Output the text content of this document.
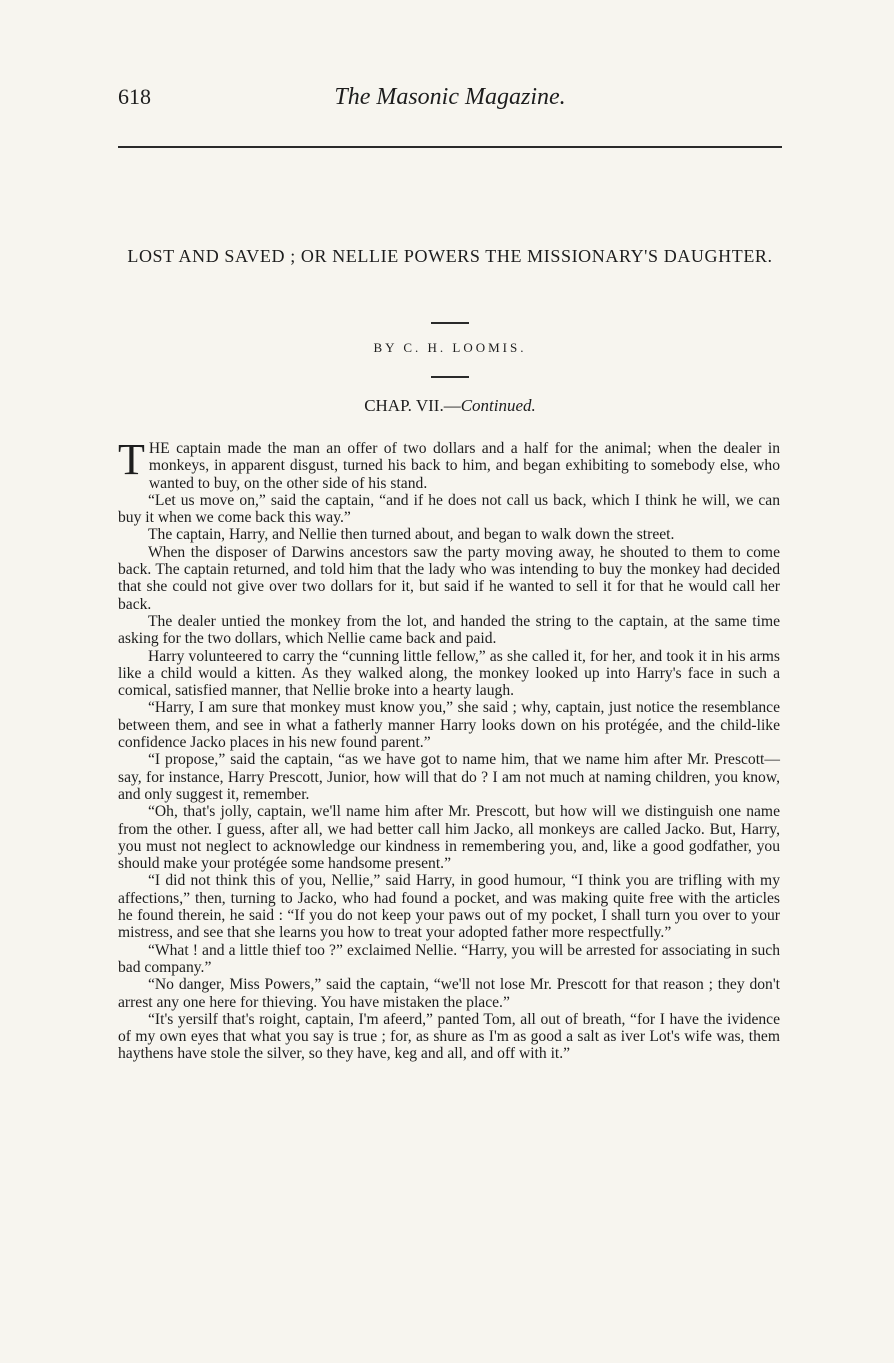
618	The Masonic Magazine.
LOST AND SAVED ; OR NELLIE POWERS THE MISSIONARY'S DAUGHTER.
BY C. H. LOOMIS.
CHAP. VII.—Continued.

THE captain made the man an offer of two dollars and a half for the animal; when the dealer in monkeys, in apparent disgust, turned his back to him, and began exhibiting to somebody else, who wanted to buy, on the other side of his stand.

“Let us move on,” said the captain, “and if he does not call us back, which I think he will, we can buy it when we come back this way.”

The captain, Harry, and Nellie then turned about, and began to walk down the street.

When the disposer of Darwins ancestors saw the party moving away, he shouted to them to come back. The captain returned, and told him that the lady who was intending to buy the monkey had decided that she could not give over two dollars for it, but said if he wanted to sell it for that he would call her back.

The dealer untied the monkey from the lot, and handed the string to the captain, at the same time asking for the two dollars, which Nellie came back and paid.

Harry volunteered to carry the “cunning little fellow,” as she called it, for her, and took it in his arms like a child would a kitten. As they walked along, the monkey looked up into Harry's face in such a comical, satisfied manner, that Nellie broke into a hearty laugh.

“Harry, I am sure that monkey must know you,” she said ; why, captain, just notice the resemblance between them, and see in what a fatherly manner Harry looks down on his protégée, and the child-like confidence Jacko places in his new found parent.”

“I propose,” said the captain, “as we have got to name him, that we name him after Mr. Prescott—say, for instance, Harry Prescott, Junior, how will that do ? I am not much at naming children, you know, and only suggest it, remember.

“Oh, that's jolly, captain, we'll name him after Mr. Prescott, but how will we distinguish one name from the other. I guess, after all, we had better call him Jacko, all monkeys are called Jacko. But, Harry, you must not neglect to acknowledge our kindness in remembering you, and, like a good godfather, you should make your protégée some handsome present.”

“I did not think this of you, Nellie,” said Harry, in good humour, “I think you are trifling with my affections,” then, turning to Jacko, who had found a pocket, and was making quite free with the articles he found therein, he said : “If you do not keep your paws out of my pocket, I shall turn you over to your mistress, and see that she learns you how to treat your adopted father more respectfully.”

“What ! and a little thief too ?” exclaimed Nellie. “Harry, you will be arrested for associating in such bad company.”

“No danger, Miss Powers,” said the captain, “we'll not lose Mr. Prescott for that reason ; they don't arrest any one here for thieving. You have mistaken the place.”

“It's yersilf that's roight, captain, I'm afeerd,” panted Tom, all out of breath, “for I have the ividence of my own eyes that what you say is true ; for, as shure as I'm as good a salt as iver Lot's wife was, them haythens have stole the silver, so they have, keg and all, and off with it.”
